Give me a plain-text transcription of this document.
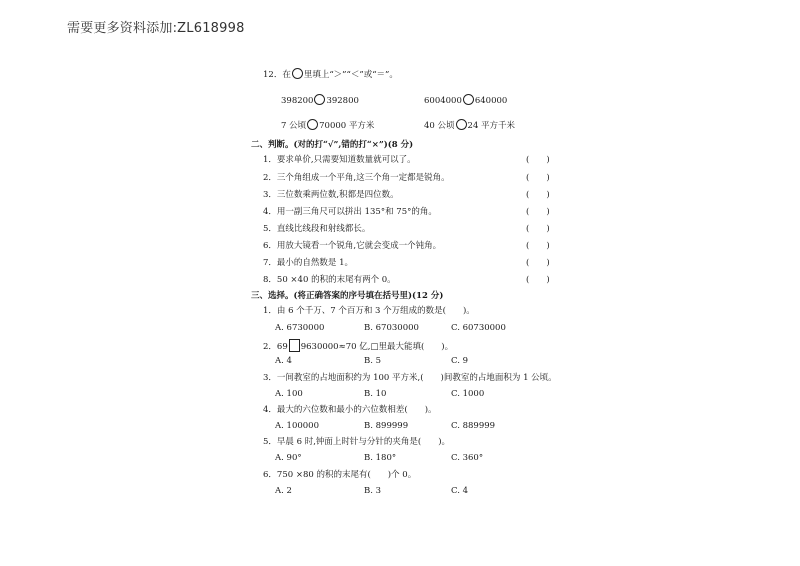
需要更多资料添加:ZL618998
12．在 里填上“＞”“＜”或“＝”。
398200 392800	6004000 640000
7 公顷 70000 平方米	40 公顷 24 平方千米
二、判断。(对的打“√”,错的打“×”)(8 分)
1．要求单价,只需要知道数量就可以了。	(　　)
2．三个角组成一个平角,这三个角一定都是锐角。	(　　)
3．三位数乘两位数,积都是四位数。	(　　)
4．用一副三角尺可以拼出 135°和 75°的角。	(　　)
5．直线比线段和射线都长。	(　　)
6．用放大镜看一个锐角,它就会变成一个钝角。	(　　)
7．最小的自然数是 1。	(　　)
8．50 ×40 的积的末尾有两个 0。	(　　)
三、选择。(将正确答案的序号填在括号里)(12 分)
1．由 6 个千万、7 个百万和 3 个万组成的数是(　　)。
A. 6730000	B. 67030000	C. 60730000
2．69 9630000≈70 亿,□里最大能填(　　)。
A. 4	B. 5	C. 9
3．一间教室的占地面积约为 100 平方米,(　　)间教室的占地面积为 1 公顷。
A. 100	B. 10	C. 1000
4．最大的六位数和最小的六位数相差(　　)。
A. 100000	B. 899999	C. 889999
5．早晨 6 时,钟面上时针与分针的夹角是(　　)。
A. 90°	B. 180°	C. 360°
6．750 ×80 的积的末尾有(　　)个 0。
A. 2	B. 3	C. 4
